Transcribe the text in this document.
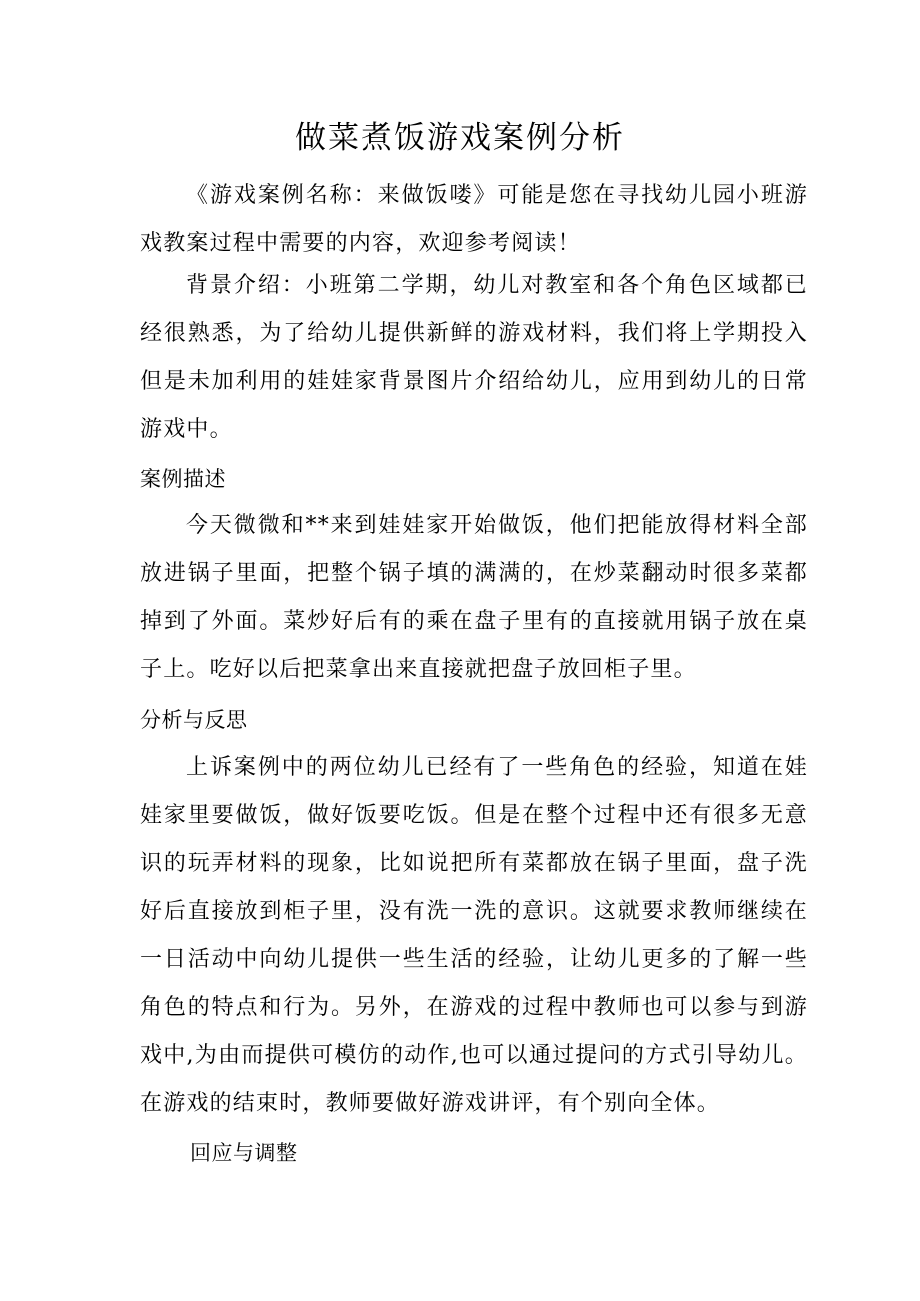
做菜煮饭游戏案例分析

《游戏案例名称：来做饭喽》可能是您在寻找幼儿园小班游戏教案过程中需要的内容，欢迎参考阅读！

背景介绍：小班第二学期，幼儿对教室和各个角色区域都已经很熟悉，为了给幼儿提供新鲜的游戏材料，我们将上学期投入但是未加利用的娃娃家背景图片介绍给幼儿，应用到幼儿的日常游戏中。

案例描述

今天微微和**来到娃娃家开始做饭，他们把能放得材料全部放进锅子里面，把整个锅子填的满满的，在炒菜翻动时很多菜都掉到了外面。菜炒好后有的乘在盘子里有的直接就用锅子放在桌子上。吃好以后把菜拿出来直接就把盘子放回柜子里。

分析与反思

上诉案例中的两位幼儿已经有了一些角色的经验，知道在娃娃家里要做饭，做好饭要吃饭。但是在整个过程中还有很多无意识的玩弄材料的现象，比如说把所有菜都放在锅子里面，盘子洗好后直接放到柜子里，没有洗一洗的意识。这就要求教师继续在一日活动中向幼儿提供一些生活的经验，让幼儿更多的了解一些角色的特点和行为。另外，在游戏的过程中教师也可以参与到游戏中,为由而提供可模仿的动作,也可以通过提问的方式引导幼儿。在游戏的结束时，教师要做好游戏讲评，有个别向全体。

回应与调整
